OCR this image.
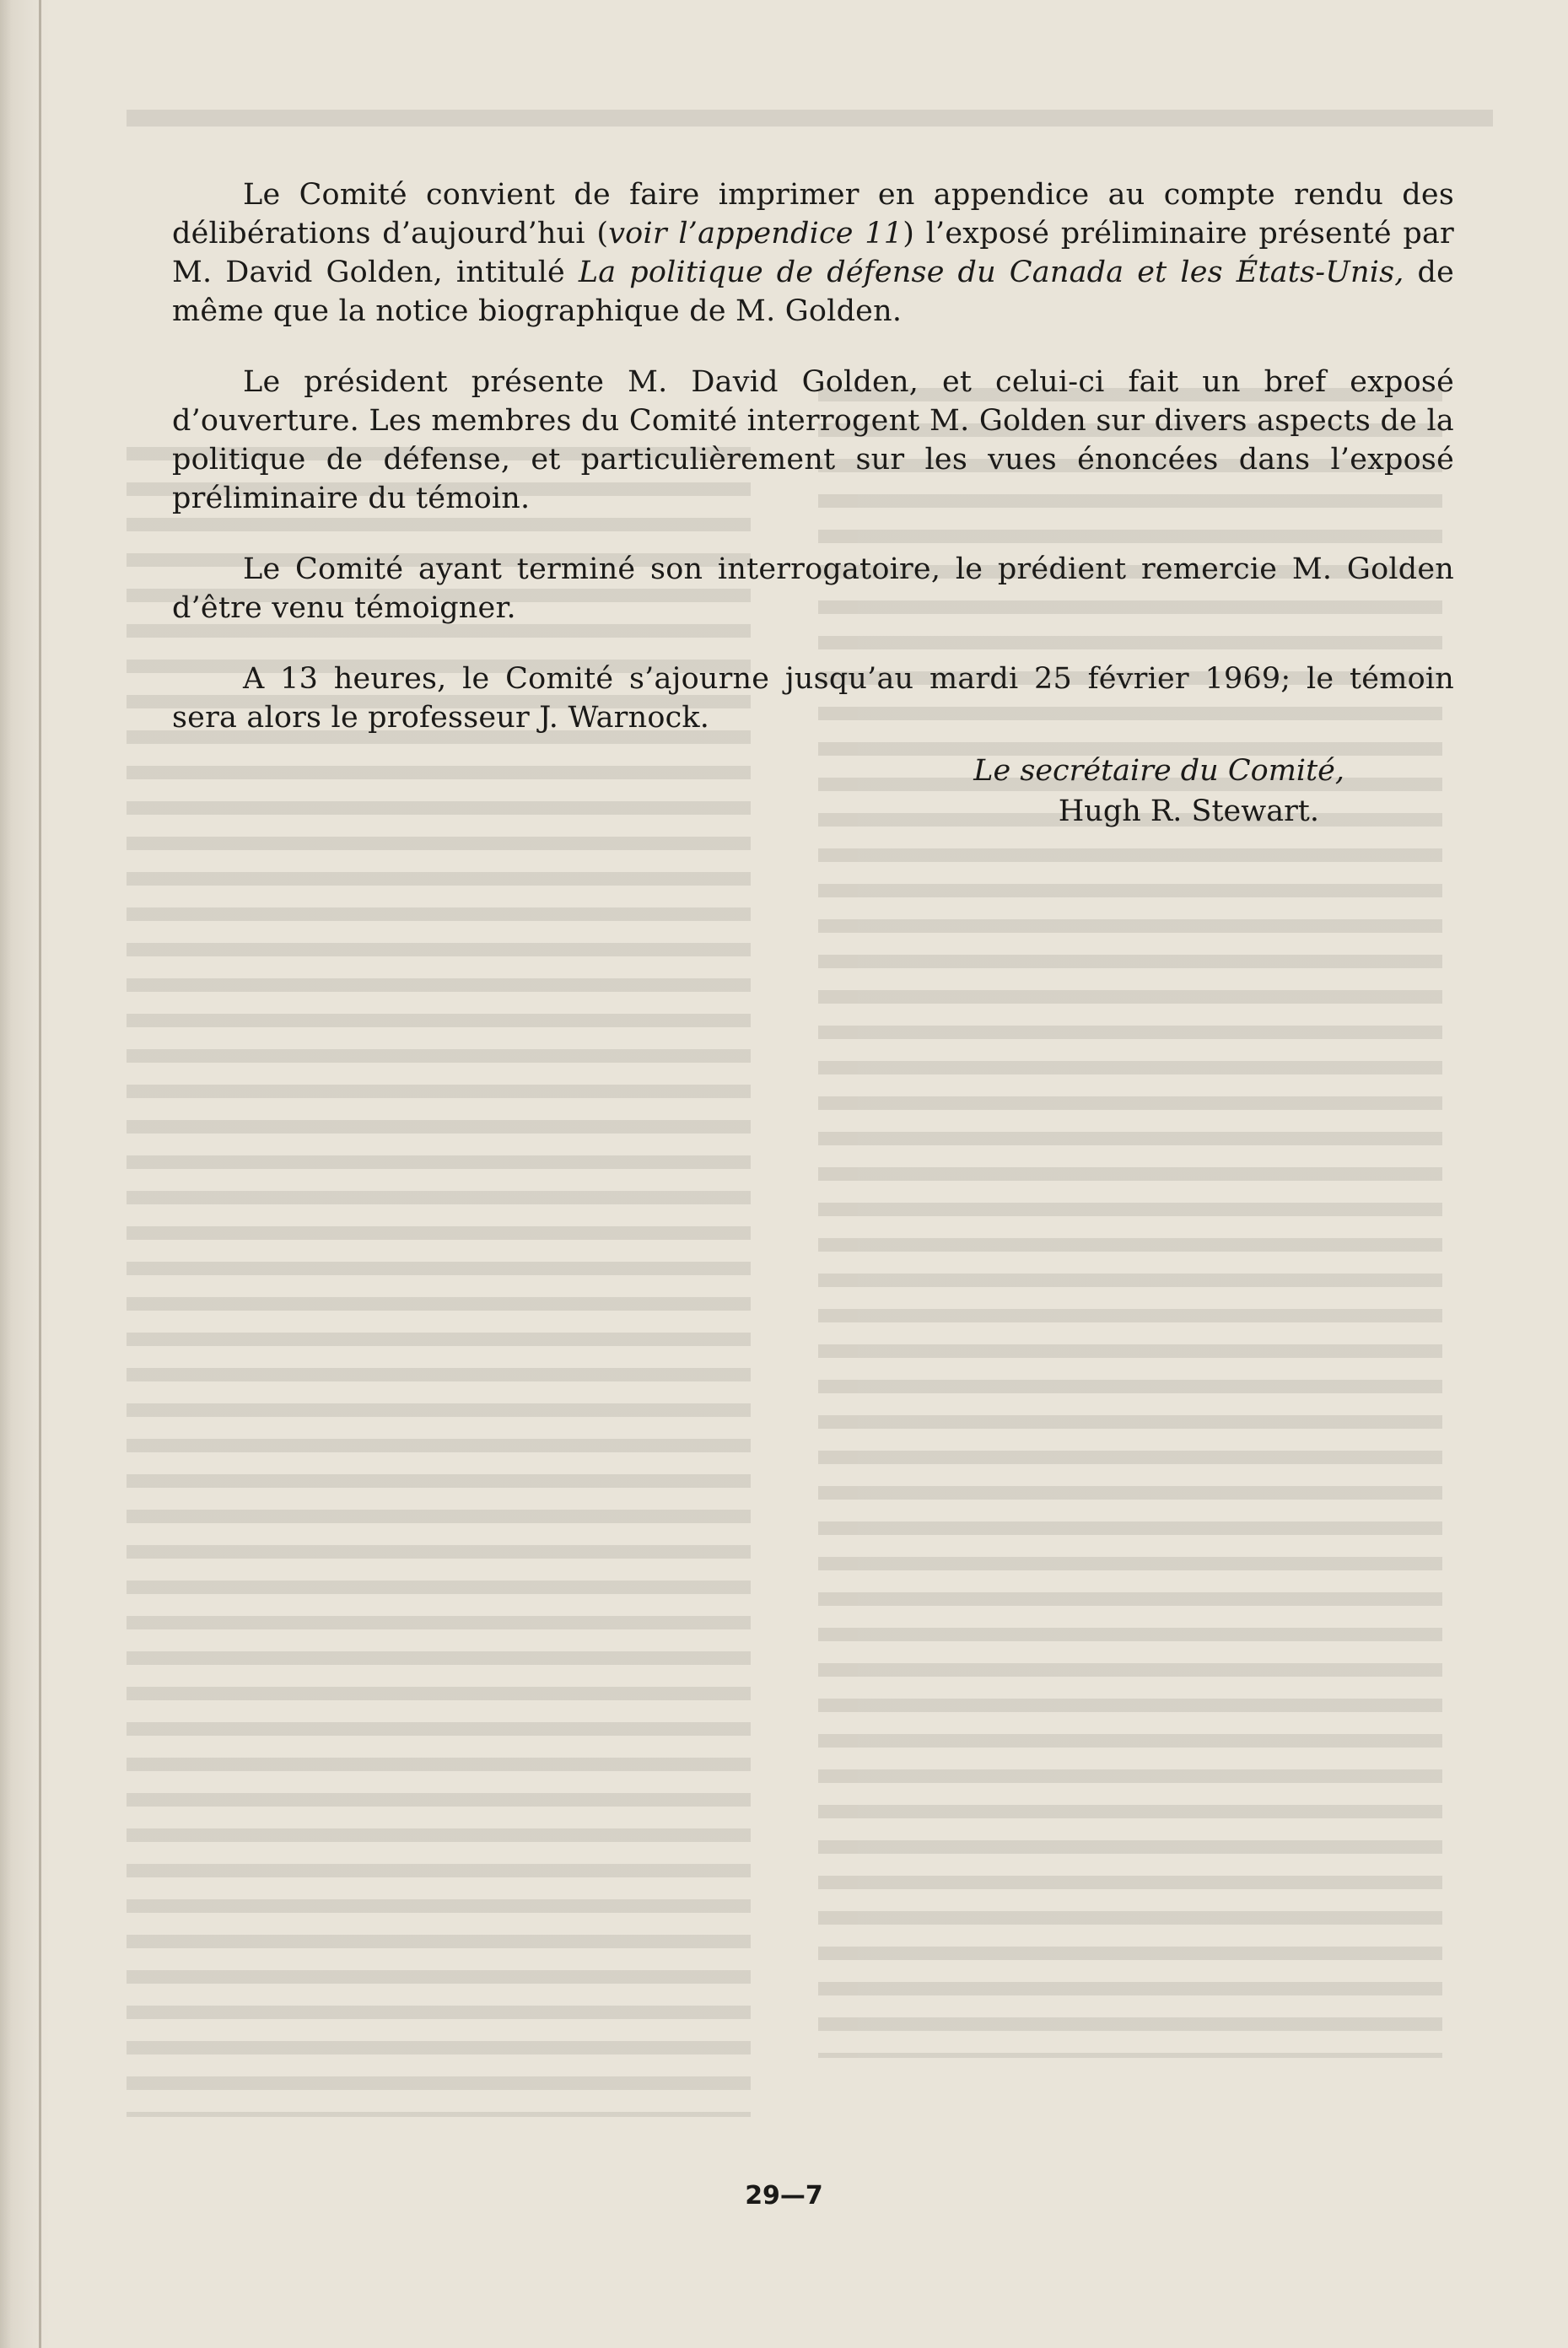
Le Comité convient de faire imprimer en appendice au compte rendu des délibérations d’aujourd’hui (voir l’appendice 11) l’exposé préliminaire présenté par M. David Golden, intitulé La politique de défense du Canada et les États-Unis, de même que la notice biographique de M. Golden.

Le président présente M. David Golden, et celui-ci fait un bref exposé d’ouverture. Les membres du Comité interrogent M. Golden sur divers aspects de la politique de défense, et particulièrement sur les vues énoncées dans l’exposé préliminaire du témoin.

Le Comité ayant terminé son interrogatoire, le prédient remercie M. Golden d’être venu témoigner.

A 13 heures, le Comité s’ajourne jusqu’au mardi 25 février 1969; le témoin sera alors le professeur J. Warnock.

Le secrétaire du Comité,
Hugh R. Stewart.
29—7
